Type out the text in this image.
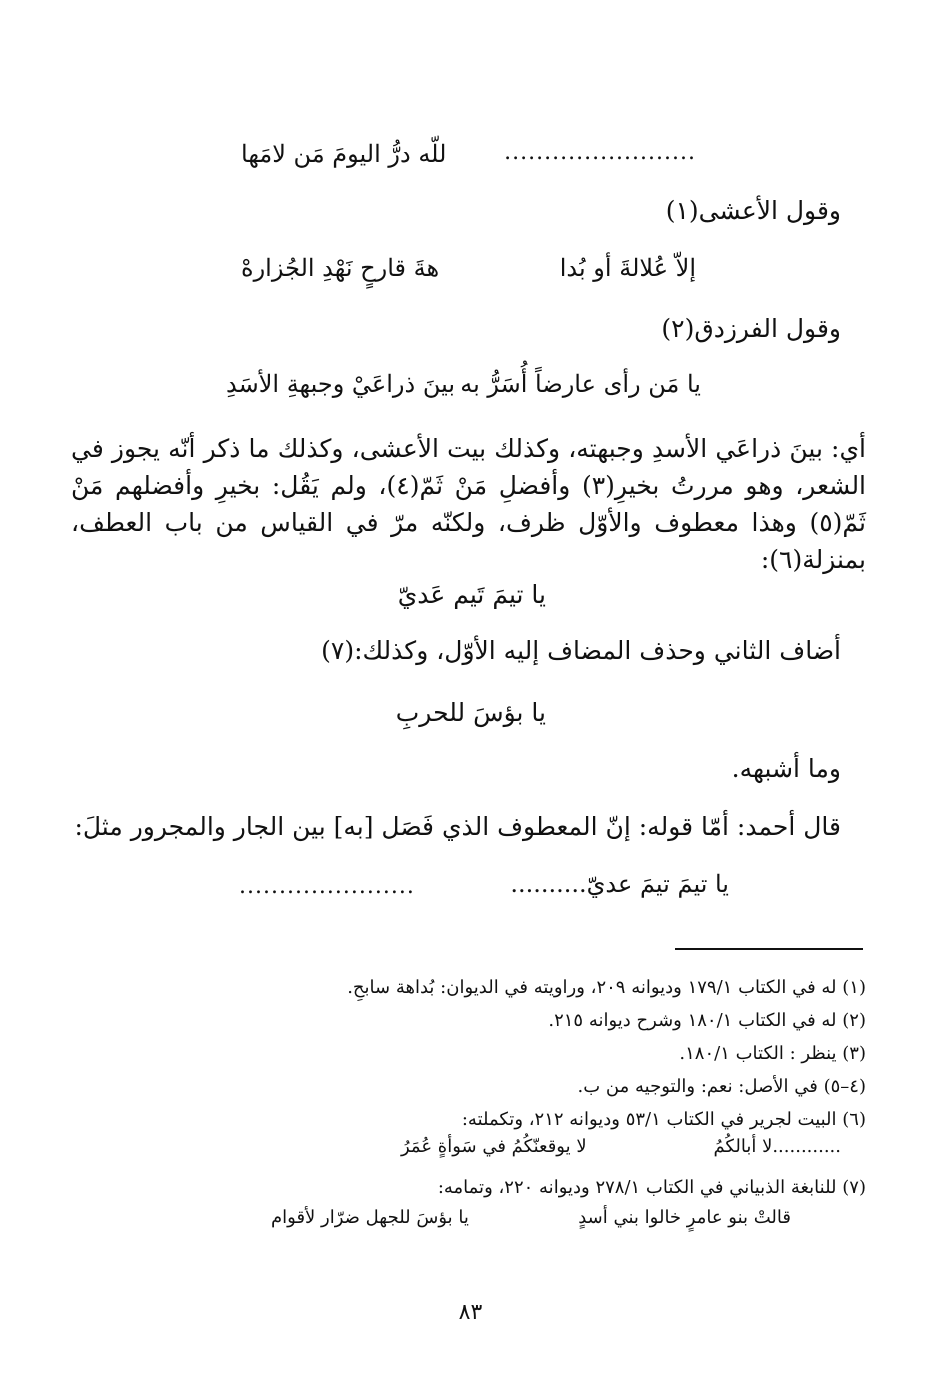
........................
للّه درُّ اليومَ مَن لامَها
وقول الأعشى(١)
إلاّ عُلالةَ أو بُدا
هةَ قارحٍ نَهْدِ الجُزارهْ
وقول الفرزدق(٢)
يا مَن رأى عارضاً أُسَرُّ به
بينَ ذراعَيْ وجبهةِ الأسَدِ
أي: بينَ ذراعَي الأسدِ وجبهته، وكذلك بيت الأعشى، وكذلك ما ذكر أنّه يجوز في الشعر، وهو مررتُ بخيرِ(٣) وأفضلِ مَنْ ثَمّ(٤)، ولم يَقُل: بخيرِ وأفضلهم مَنْ ثَمّ(٥) وهذا معطوف والأوّل ظرف، ولكنّه مرّ في القياس من باب العطف، بمنزلة(٦):
يا تيمَ تَيم عَديّ
أضاف الثاني وحذف المضاف إليه الأوّل، وكذلك:(٧)
يا بؤسَ للحربِ
وما أشبهه.
قال أحمد: أمّا قوله: إنّ المعطوف الذي فَصَل [به] بين الجار والمجرور مثلَ:
يا تيمَ تيمَ عديّ..........
......................
(١) له في الكتاب ١٧٩/١ وديوانه ٢٠٩، وراويته في الديوان: بُداهة سابحِ.
(٢) له في الكتاب ١٨٠/١ وشرح ديوانه ٢١٥.
(٣) ينظر : الكتاب ١٨٠/١.
(٤–٥) في الأصل: نعم: والتوجيه من ب.
(٦) البيت لجرير في الكتاب ٥٣/١ وديوانه ٢١٢، وتكملته:
............لا أبالكُمُ
لا يوقعنّكُمُ في سَوأةٍ عُمَرُ
(٧) للنابغة الذبياني في الكتاب ٢٧٨/١ وديوانه ٢٢٠، وتمامه:
قالتْ بنو عامرٍ خالوا بني أسدٍ
يا بؤسَ للجهل ضرّار لأقوام
٨٣
